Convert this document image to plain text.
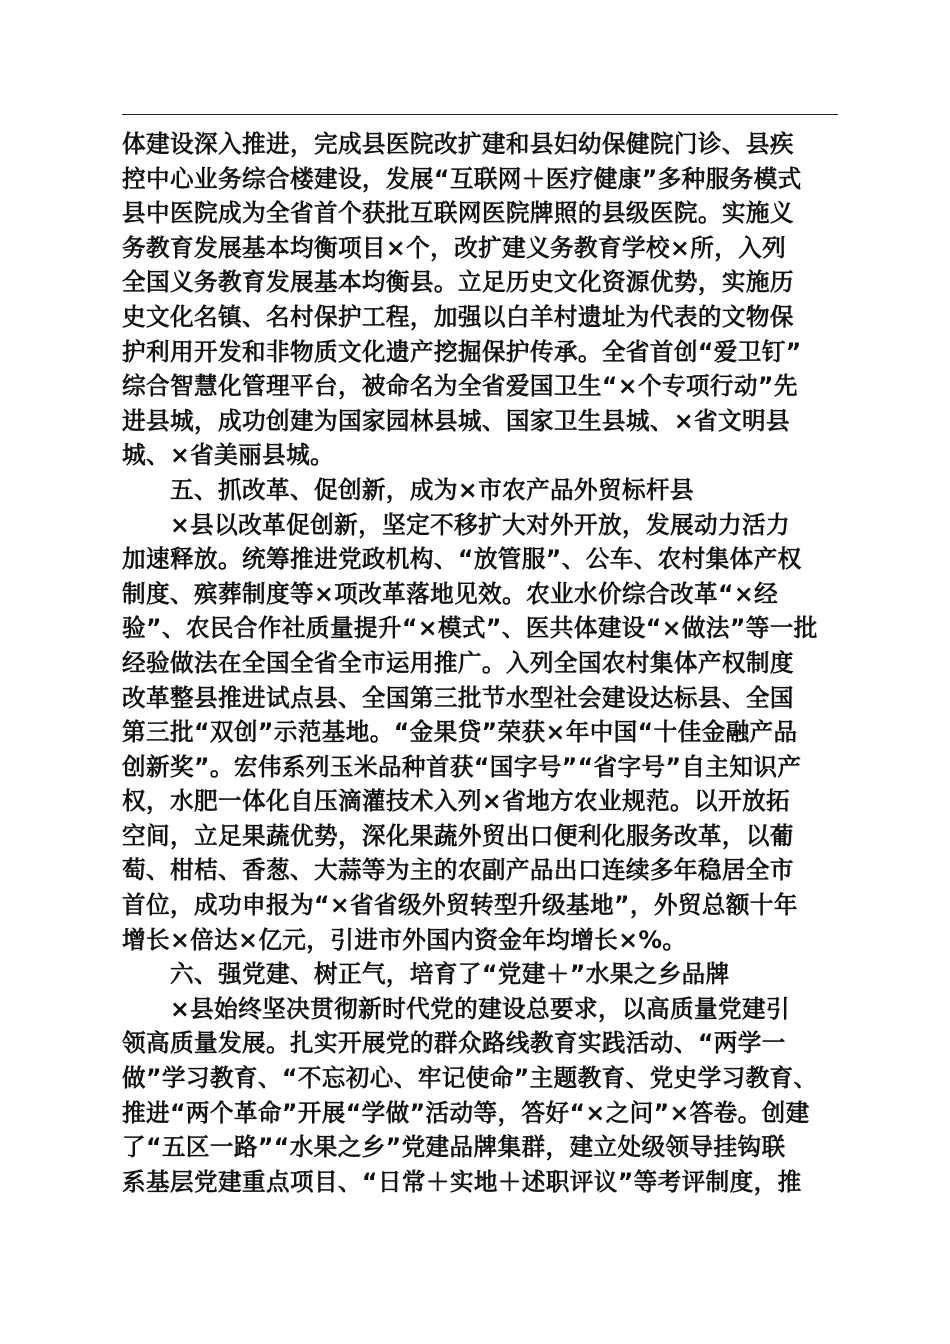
体建设深入推进，完成县医院改扩建和县妇幼保健院门诊、县疾
控中心业务综合楼建设，发展“互联网＋医疗健康”多种服务模式
县中医院成为全省首个获批互联网医院牌照的县级医院。实施义
务教育发展基本均衡项目×个，改扩建义务教育学校×所，入列
全国义务教育发展基本均衡县。立足历史文化资源优势，实施历
史文化名镇、名村保护工程，加强以白羊村遗址为代表的文物保
护利用开发和非物质文化遗产挖掘保护传承。全省首创“爱卫钉”
综合智慧化管理平台，被命名为全省爱国卫生“×个专项行动”先
进县城，成功创建为国家园林县城、国家卫生县城、×省文明县
城、×省美丽县城。
　　五、抓改革、促创新，成为×市农产品外贸标杆县
　　×县以改革促创新，坚定不移扩大对外开放，发展动力活力
加速释放。统筹推进党政机构、“放管服”、公车、农村集体产权
制度、殡葬制度等×项改革落地见效。农业水价综合改革“×经
验”、农民合作社质量提升“×模式”、医共体建设“×做法”等一批
经验做法在全国全省全市运用推广。入列全国农村集体产权制度
改革整县推进试点县、全国第三批节水型社会建设达标县、全国
第三批“双创”示范基地。“金果贷”荣获×年中国“十佳金融产品
创新奖”。宏伟系列玉米品种首获“国字号”“省字号”自主知识产
权，水肥一体化自压滴灌技术入列×省地方农业规范。以开放拓
空间，立足果蔬优势，深化果蔬外贸出口便利化服务改革，以葡
萄、柑桔、香葱、大蒜等为主的农副产品出口连续多年稳居全市
首位，成功申报为“×省省级外贸转型升级基地”，外贸总额十年
增长×倍达×亿元，引进市外国内资金年均增长×%。
　　六、强党建、树正气，培育了“党建＋”水果之乡品牌
　　×县始终坚决贯彻新时代党的建设总要求，以高质量党建引
领高质量发展。扎实开展党的群众路线教育实践活动、“两学一
做”学习教育、“不忘初心、牢记使命”主题教育、党史学习教育、
推进“两个革命”开展“学做”活动等，答好“×之问”×答卷。创建
了“五区一路”“水果之乡”党建品牌集群，建立处级领导挂钩联
系基层党建重点项目、“日常＋实地＋述职评议”等考评制度，推
